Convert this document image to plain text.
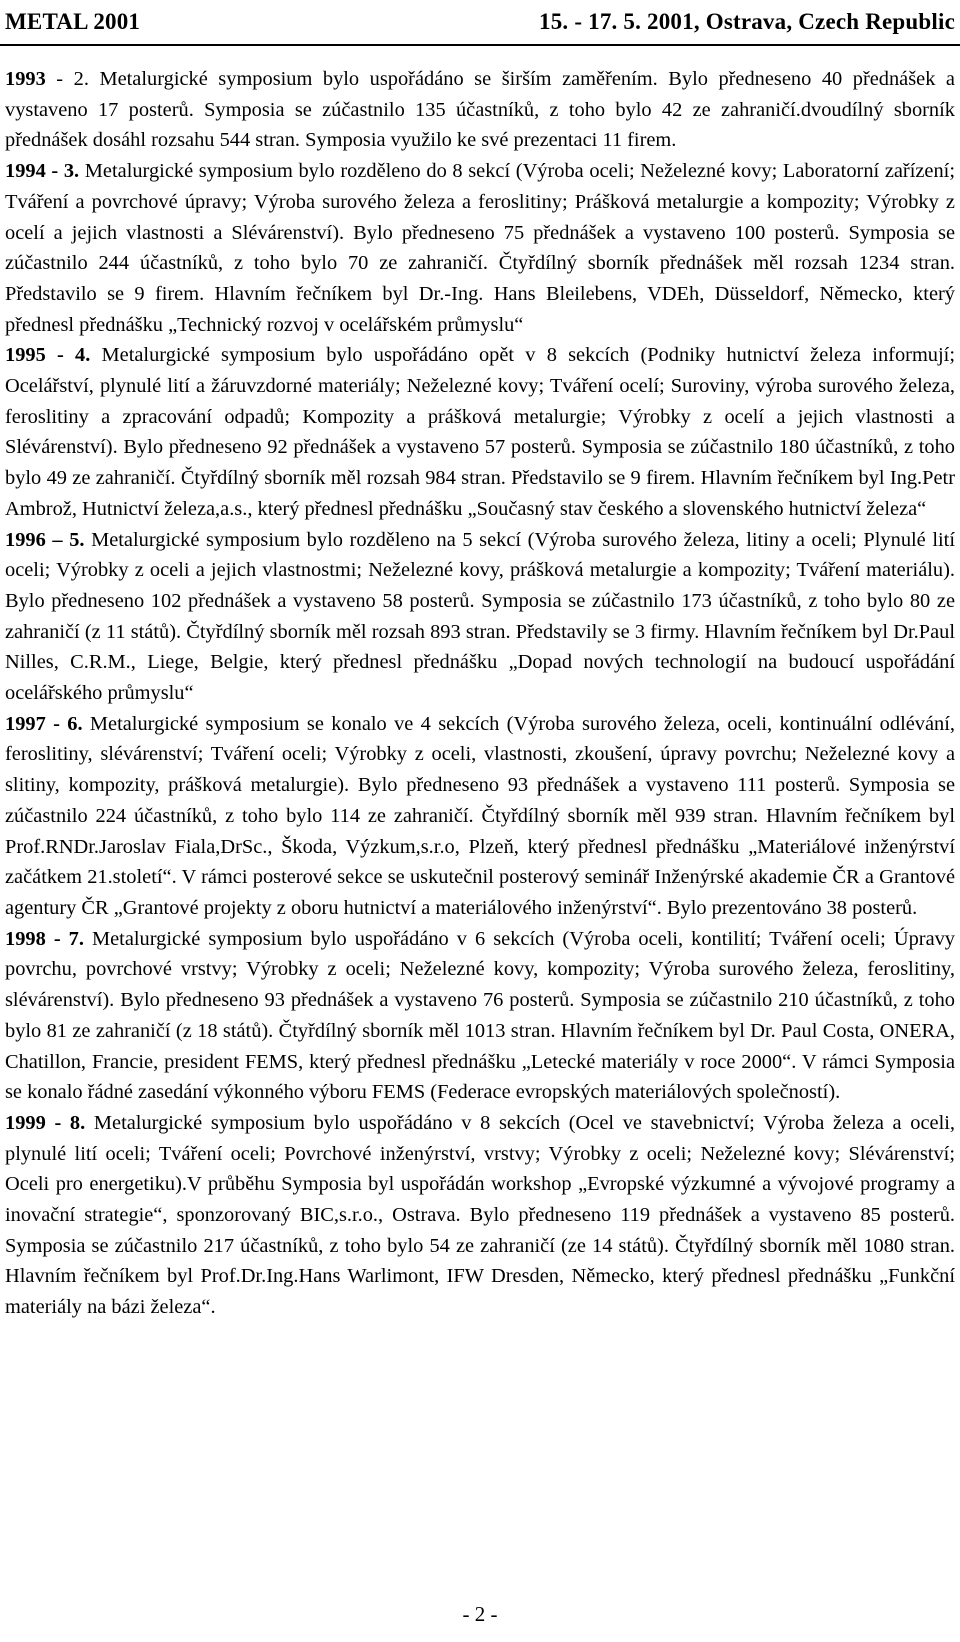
METAL 2001	15. - 17. 5. 2001, Ostrava, Czech Republic

1993 - 2. Metalurgické symposium bylo uspořádáno se širším zaměřením. Bylo předneseno 40 přednášek a vystaveno 17 posterů. Symposia se zúčastnilo 135 účastníků, z toho bylo 42 ze zahraničí.dvoudílný sborník přednášek dosáhl rozsahu 544 stran. Symposia využilo ke své prezentaci 11 firem.

1994 - 3. Metalurgické symposium bylo rozděleno do 8 sekcí (Výroba oceli; Neželezné kovy; Laboratorní zařízení; Tváření a povrchové úpravy; Výroba surového železa a feroslitiny; Prášková metalurgie a kompozity; Výrobky z ocelí a jejich vlastnosti a Slévárenství). Bylo předneseno 75 přednášek a vystaveno 100 posterů. Symposia se zúčastnilo 244 účastníků, z toho bylo 70 ze zahraničí. Čtyřdílný sborník přednášek měl rozsah 1234 stran. Představilo se 9 firem. Hlavním řečníkem byl Dr.-Ing. Hans Bleilebens, VDEh, Düsseldorf, Německo, který přednesl přednášku „Technický rozvoj v ocelářském průmyslu“

1995 - 4. Metalurgické symposium bylo uspořádáno opět v 8 sekcích (Podniky hutnictví železa informují; Ocelářství, plynulé lití a žáruvzdorné materiály; Neželezné kovy; Tváření ocelí; Suroviny, výroba surového železa, feroslitiny a zpracování odpadů; Kompozity a prášková metalurgie; Výrobky z ocelí a jejich vlastnosti a Slévárenství). Bylo předneseno 92 přednášek a vystaveno 57 posterů. Symposia se zúčastnilo 180 účastníků, z toho bylo 49 ze zahraničí. Čtyřdílný sborník měl rozsah 984 stran. Představilo se 9 firem. Hlavním řečníkem byl Ing.Petr Ambrož, Hutnictví železa,a.s., který přednesl přednášku „Současný stav českého a slovenského hutnictví železa“

1996 – 5. Metalurgické symposium bylo rozděleno na 5 sekcí (Výroba surového železa, litiny a oceli; Plynulé lití oceli; Výrobky z oceli a jejich vlastnostmi; Neželezné kovy, prášková metalurgie a kompozity; Tváření materiálu). Bylo předneseno 102 přednášek a vystaveno 58 posterů. Symposia se zúčastnilo 173 účastníků, z toho bylo 80 ze zahraničí (z 11 států). Čtyřdílný sborník měl rozsah 893 stran. Představily se 3 firmy. Hlavním řečníkem byl Dr.Paul Nilles, C.R.M., Liege, Belgie, který přednesl přednášku „Dopad nových technologií na budoucí uspořádání ocelářského průmyslu“

1997 - 6. Metalurgické symposium se konalo ve 4 sekcích (Výroba surového železa, oceli, kontinuální odlévání, feroslitiny, slévárenství; Tváření oceli; Výrobky z oceli, vlastnosti, zkoušení, úpravy povrchu; Neželezné kovy a slitiny, kompozity, prášková metalurgie). Bylo předneseno 93 přednášek a vystaveno 111 posterů. Symposia se zúčastnilo 224 účastníků, z toho bylo 114 ze zahraničí. Čtyřdílný sborník měl 939 stran. Hlavním řečníkem byl Prof.RNDr.Jaroslav Fiala,DrSc., Škoda, Výzkum,s.r.o, Plzeň, který přednesl přednášku „Materiálové inženýrství začátkem 21.století“. V rámci posterové sekce se uskutečnil posterový seminář Inženýrské akademie ČR a Grantové agentury ČR „Grantové projekty z oboru hutnictví a materiálového inženýrství“. Bylo prezentováno 38 posterů.

1998 - 7. Metalurgické symposium bylo uspořádáno v 6 sekcích (Výroba oceli, kontilití; Tváření oceli; Úpravy povrchu, povrchové vrstvy; Výrobky z oceli; Neželezné kovy, kompozity; Výroba surového železa, feroslitiny, slévárenství). Bylo předneseno 93 přednášek a vystaveno 76 posterů. Symposia se zúčastnilo 210 účastníků, z toho bylo 81 ze zahraničí (z 18 států). Čtyřdílný sborník měl 1013 stran. Hlavním řečníkem byl Dr. Paul Costa, ONERA, Chatillon, Francie, president FEMS, který přednesl přednášku „Letecké materiály v roce 2000“. V rámci Symposia se konalo řádné zasedání výkonného výboru FEMS (Federace evropských materiálových společností).

1999 - 8. Metalurgické symposium bylo uspořádáno v 8 sekcích (Ocel ve stavebnictví; Výroba železa a oceli, plynulé lití oceli; Tváření oceli; Povrchové inženýrství, vrstvy; Výrobky z oceli; Neželezné kovy; Slévárenství; Oceli pro energetiku).V průběhu Symposia byl uspořádán workshop „Evropské výzkumné a vývojové programy a inovační strategie“, sponzorovaný BIC,s.r.o., Ostrava. Bylo předneseno 119 přednášek a vystaveno 85 posterů. Symposia se zúčastnilo 217 účastníků, z toho bylo 54 ze zahraničí (ze 14 států). Čtyřdílný sborník měl 1080 stran. Hlavním řečníkem byl Prof.Dr.Ing.Hans Warlimont, IFW Dresden, Německo, který přednesl přednášku „Funkční materiály na bázi železa“.

- 2 -
